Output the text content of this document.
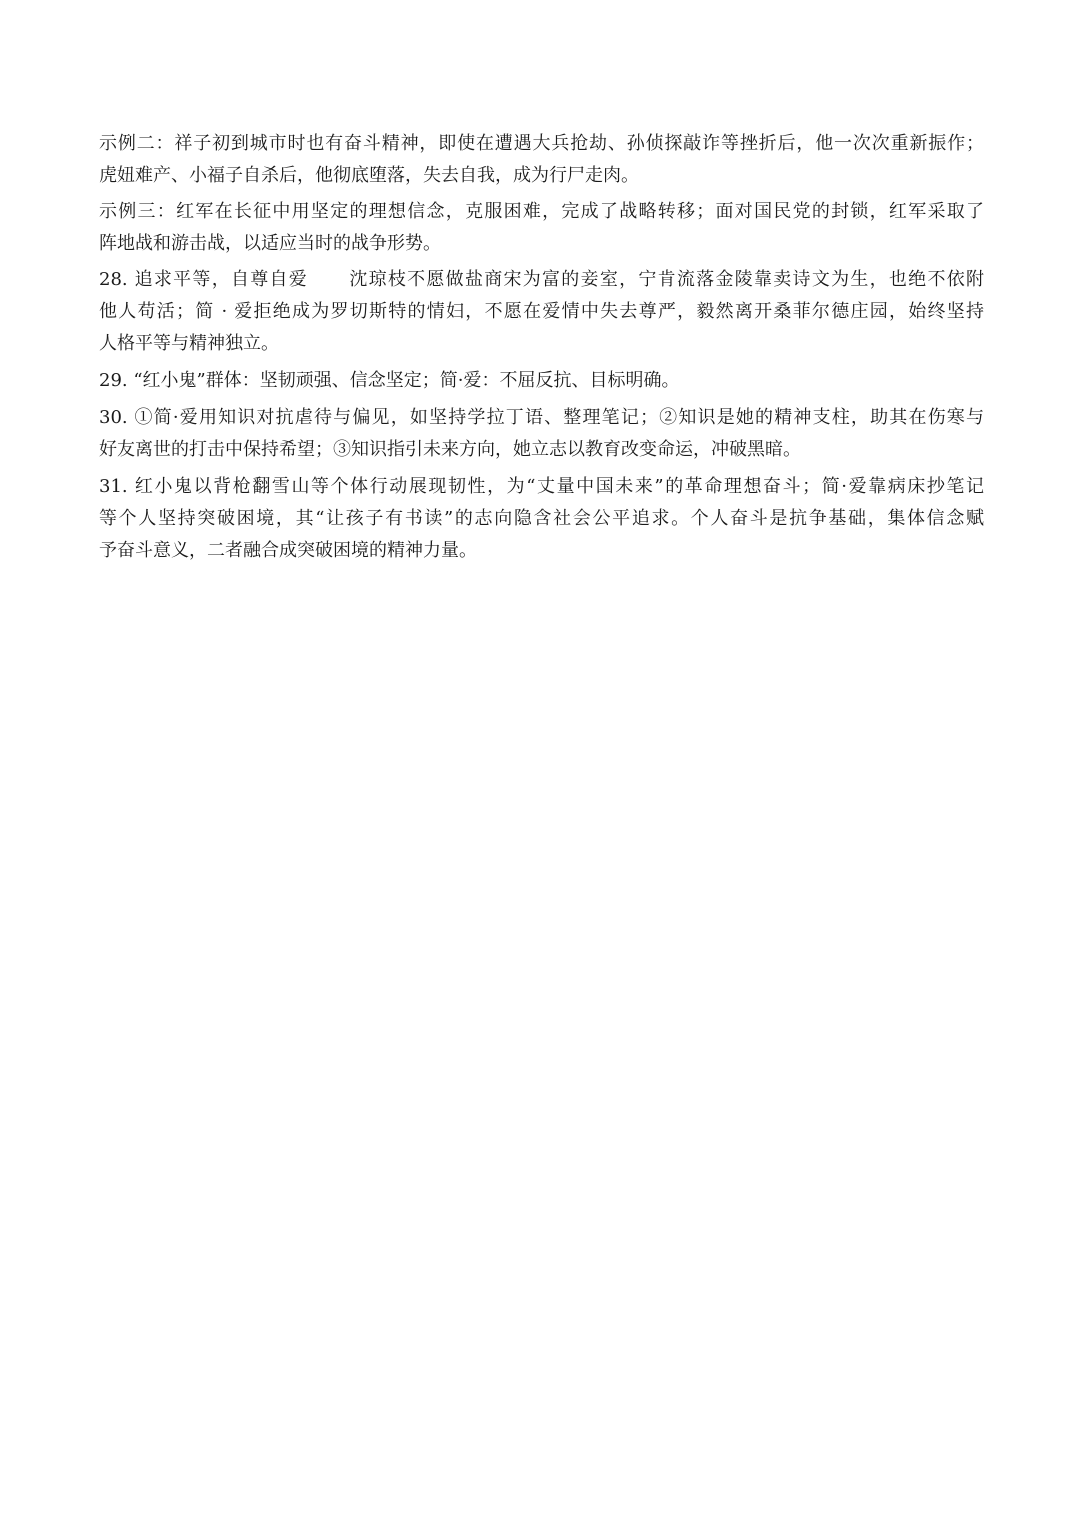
示例二：祥子初到城市时也有奋斗精神，即使在遭遇大兵抢劫、孙侦探敲诈等挫折后，他一次次重新振作；
虎妞难产、小福子自杀后，他彻底堕落，失去自我，成为行尸走肉。
示例三：红军在长征中用坚定的理想信念，克服困难，完成了战略转移；面对国民党的封锁，红军采取了
阵地战和游击战，以适应当时的战争形势。
28. 追求平等，自尊自爱 沈琼枝不愿做盐商宋为富的妾室，宁肯流落金陵靠卖诗文为生，也绝不依附
他人苟活；简 · 爱拒绝成为罗切斯特的情妇，不愿在爱情中失去尊严，毅然离开桑菲尔德庄园，始终坚持
人格平等与精神独立。
29. “红小鬼”群体：坚韧顽强、信念坚定；简·爱：不屈反抗、目标明确。
30. ①简·爱用知识对抗虐待与偏见，如坚持学拉丁语、整理笔记；②知识是她的精神支柱，助其在伤寒与
好友离世的打击中保持希望；③知识指引未来方向，她立志以教育改变命运，冲破黑暗。
31. 红小鬼以背枪翻雪山等个体行动展现韧性，为“丈量中国未来”的革命理想奋斗；简·爱靠病床抄笔记
等个人坚持突破困境，其“让孩子有书读”的志向隐含社会公平追求。个人奋斗是抗争基础，集体信念赋
予奋斗意义，二者融合成突破困境的精神力量。
